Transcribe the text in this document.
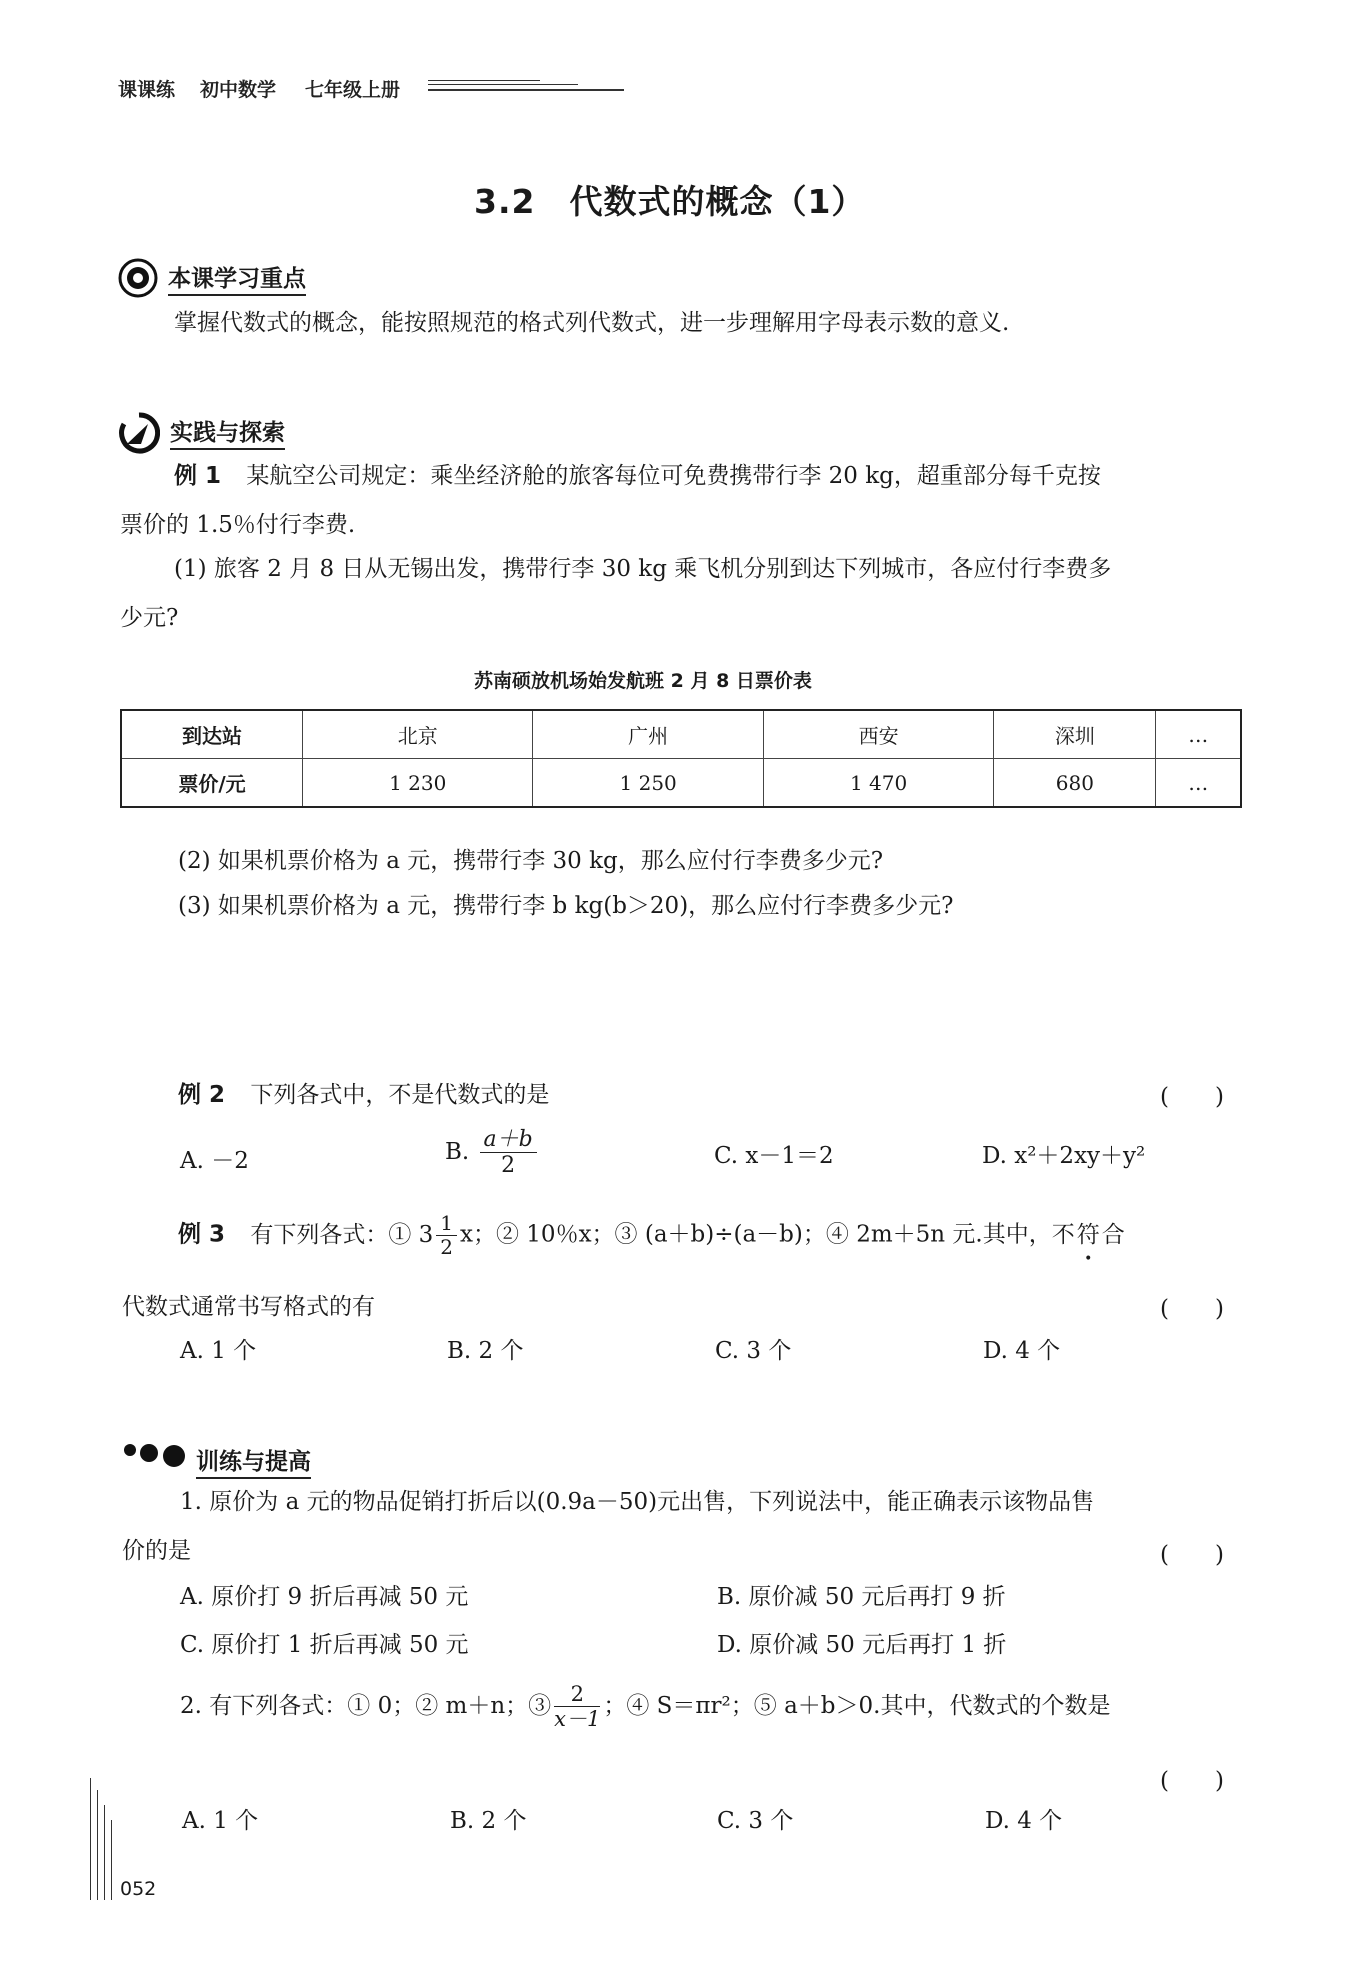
课课练 初中数学 七年级上册
3.2　代数式的概念（1）
本课学习重点
掌握代数式的概念，能按照规范的格式列代数式，进一步理解用字母表示数的意义.
实践与探索
例 1 某航空公司规定：乘坐经济舱的旅客每位可免费携带行李 20 kg，超重部分每千克按
票价的 1.5％付行李费.
(1) 旅客 2 月 8 日从无锡出发，携带行李 30 kg 乘飞机分别到达下列城市，各应付行李费多
少元?
苏南硕放机场始发航班 2 月 8 日票价表
到达站	北京	广州	西安	深圳	…
票价/元	1 230	1 250	1 470	680	…
(2) 如果机票价格为 a 元，携带行李 30 kg，那么应付行李费多少元?
(3) 如果机票价格为 a 元，携带行李 b kg(b＞20)，那么应付行李费多少元?
例 2 下列各式中，不是代数式的是	(　　)
A. －2	B. $\frac{a+b}{2}$	C. x－1＝2	D. x²＋2xy＋y²
例 3 有下列各式：① $3 \frac{1}{2}$ x；② 10％x；③ (a＋b)÷(a－b)；④ 2m＋5n 元.其中，不符合
代数式通常书写格式的有	(　　)
A. 1 个	B. 2 个	C. 3 个	D. 4 个
训练与提高
1. 原价为 a 元的物品促销打折后以(0.9a－50)元出售，下列说法中，能正确表示该物品售
价的是	(　　)
A. 原价打 9 折后再减 50 元	B. 原价减 50 元后再打 9 折
C. 原价打 1 折后再减 50 元	D. 原价减 50 元后再打 1 折
2. 有下列各式：① 0；② m＋n；③ $\frac{2}{x-1}$ ；④ S＝πr²；⑤ a＋b＞0.其中，代数式的个数是
(　　)
A. 1 个	B. 2 个	C. 3 个	D. 4 个
052
